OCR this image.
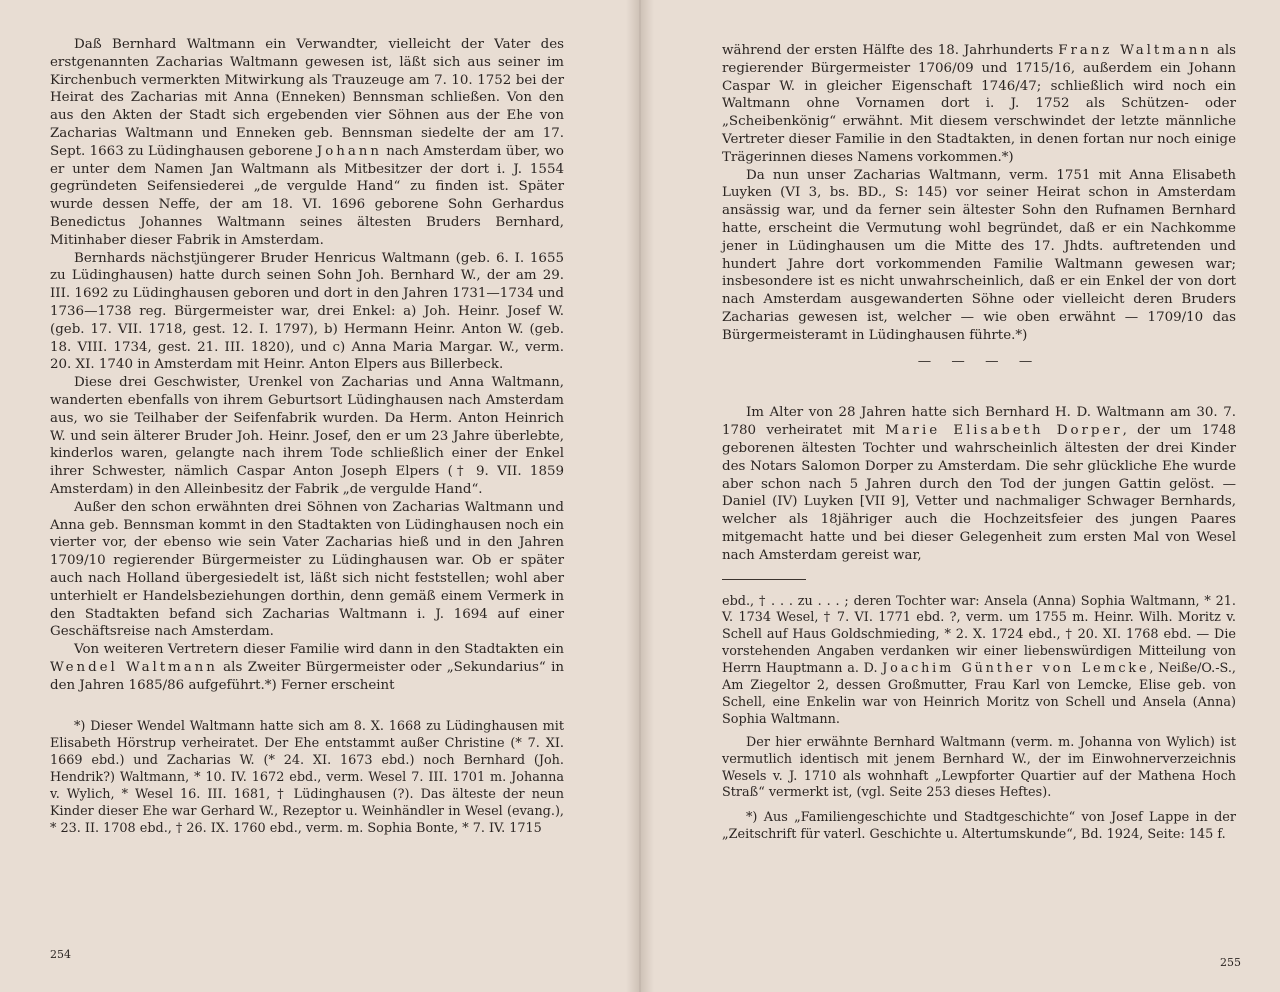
Daß Bernhard Waltmann ein Verwandter, vielleicht der Vater des erstgenannten Zacharias Waltmann gewesen ist, läßt sich aus seiner im Kirchenbuch vermerkten Mitwirkung als Trauzeuge am 7. 10. 1752 bei der Heirat des Zacharias mit Anna (Enneken) Bennsman schließen. Von den aus den Akten der Stadt sich ergebenden vier Söhnen aus der Ehe von Zacharias Waltmann und Enneken geb. Bennsman siedelte der am 17. Sept. 1663 zu Lüdinghausen geborene Johann nach Amsterdam über, wo er unter dem Namen Jan Waltmann als Mitbesitzer der dort i. J. 1554 gegründeten Seifensiederei „de vergulde Hand“ zu finden ist. Später wurde dessen Neffe, der am 18. VI. 1696 geborene Sohn Gerhardus Benedictus Johannes Waltmann seines ältesten Bruders Bernhard, Mitinhaber dieser Fabrik in Amsterdam.

Bernhards nächstjüngerer Bruder Henricus Waltmann (geb. 6. I. 1655 zu Lüdinghausen) hatte durch seinen Sohn Joh. Bernhard W., der am 29. III. 1692 zu Lüdinghausen geboren und dort in den Jahren 1731—1734 und 1736—1738 reg. Bürgermeister war, drei Enkel: a) Joh. Heinr. Josef W. (geb. 17. VII. 1718, gest. 12. I. 1797), b) Hermann Heinr. Anton W. (geb. 18. VIII. 1734, gest. 21. III. 1820), und c) Anna Maria Margar. W., verm. 20. XI. 1740 in Amsterdam mit Heinr. Anton Elpers aus Billerbeck.

Diese drei Geschwister, Urenkel von Zacharias und Anna Waltmann, wanderten ebenfalls von ihrem Geburtsort Lüdinghausen nach Amsterdam aus, wo sie Teilhaber der Seifenfabrik wurden. Da Herm. Anton Heinrich W. und sein älterer Bruder Joh. Heinr. Josef, den er um 23 Jahre überlebte, kinderlos waren, gelangte nach ihrem Tode schließlich einer der Enkel ihrer Schwester, nämlich Caspar Anton Joseph Elpers († 9. VII. 1859 Amsterdam) in den Alleinbesitz der Fabrik „de vergulde Hand“.

Außer den schon erwähnten drei Söhnen von Zacharias Waltmann und Anna geb. Bennsman kommt in den Stadtakten von Lüdinghausen noch ein vierter vor, der ebenso wie sein Vater Zacharias hieß und in den Jahren 1709/10 regierender Bürgermeister zu Lüdinghausen war. Ob er später auch nach Holland übergesiedelt ist, läßt sich nicht feststellen; wohl aber unterhielt er Handelsbeziehungen dorthin, denn gemäß einem Vermerk in den Stadtakten befand sich Zacharias Waltmann i. J. 1694 auf einer Geschäftsreise nach Amsterdam.

Von weiteren Vertretern dieser Familie wird dann in den Stadtakten ein Wendel Waltmann als Zweiter Bürgermeister oder „Sekundarius“ in den Jahren 1685/86 aufgeführt.*) Ferner erscheint

*) Dieser Wendel Waltmann hatte sich am 8. X. 1668 zu Lüdinghausen mit Elisabeth Hörstrup verheiratet. Der Ehe entstammt außer Christine (* 7. XI. 1669 ebd.) und Zacharias W. (* 24. XI. 1673 ebd.) noch Bernhard (Joh. Hendrik?) Waltmann, * 10. IV. 1672 ebd., verm. Wesel 7. III. 1701 m. Johanna v. Wylich, * Wesel 16. III. 1681, † Lüdinghausen (?). Das älteste der neun Kinder dieser Ehe war Gerhard W., Rezeptor u. Weinhändler in Wesel (evang.), * 23. II. 1708 ebd., † 26. IX. 1760 ebd., verm. m. Sophia Bonte, * 7. IV. 1715

254

während der ersten Hälfte des 18. Jahrhunderts Franz Waltmann als regierender Bürgermeister 1706/09 und 1715/16, außerdem ein Johann Caspar W. in gleicher Eigenschaft 1746/47; schließlich wird noch ein Waltmann ohne Vornamen dort i. J. 1752 als Schützen- oder „Scheibenkönig“ erwähnt. Mit diesem verschwindet der letzte männliche Vertreter dieser Familie in den Stadtakten, in denen fortan nur noch einige Trägerinnen dieses Namens vorkommen.*)

Da nun unser Zacharias Waltmann, verm. 1751 mit Anna Elisabeth Luyken (VI 3, bs. BD., S: 145) vor seiner Heirat schon in Amsterdam ansässig war, und da ferner sein ältester Sohn den Rufnamen Bernhard hatte, erscheint die Vermutung wohl begründet, daß er ein Nachkomme jener in Lüdinghausen um die Mitte des 17. Jhdts. auftretenden und hundert Jahre dort vorkommenden Familie Waltmann gewesen war; insbesondere ist es nicht unwahrscheinlich, daß er ein Enkel der von dort nach Amsterdam ausgewanderten Söhne oder vielleicht deren Bruders Zacharias gewesen ist, welcher — wie oben erwähnt — 1709/10 das Bürgermeisteramt in Lüdinghausen führte.*)

— — — —

Im Alter von 28 Jahren hatte sich Bernhard H. D. Waltmann am 30. 7. 1780 verheiratet mit Marie Elisabeth Dorper, der um 1748 geborenen ältesten Tochter und wahrscheinlich ältesten der drei Kinder des Notars Salomon Dorper zu Amsterdam. Die sehr glückliche Ehe wurde aber schon nach 5 Jahren durch den Tod der jungen Gattin gelöst. — Daniel (IV) Luyken [VII 9], Vetter und nachmaliger Schwager Bernhards, welcher als 18jähriger auch die Hochzeitsfeier des jungen Paares mitgemacht hatte und bei dieser Gelegenheit zum ersten Mal von Wesel nach Amsterdam gereist war,

ebd., † . . . zu . . . ; deren Tochter war: Ansela (Anna) Sophia Waltmann, * 21. V. 1734 Wesel, † 7. VI. 1771 ebd. ?, verm. um 1755 m. Heinr. Wilh. Moritz v. Schell auf Haus Goldschmieding, * 2. X. 1724 ebd., † 20. XI. 1768 ebd. — Die vorstehenden Angaben verdanken wir einer liebenswürdigen Mitteilung von Herrn Hauptmann a. D. Joachim Günther von Lemcke, Neiße/O.-S., Am Ziegeltor 2, dessen Großmutter, Frau Karl von Lemcke, Elise geb. von Schell, eine Enkelin war von Heinrich Moritz von Schell und Ansela (Anna) Sophia Waltmann.

Der hier erwähnte Bernhard Waltmann (verm. m. Johanna von Wylich) ist vermutlich identisch mit jenem Bernhard W., der im Einwohnerverzeichnis Wesels v. J. 1710 als wohnhaft „Lewpforter Quartier auf der Mathena Hoch Straß“ vermerkt ist, (vgl. Seite 253 dieses Heftes).

*) Aus „Familiengeschichte und Stadtgeschichte“ von Josef Lappe in der „Zeitschrift für vaterl. Geschichte u. Altertumskunde“, Bd. 1924, Seite: 145 f.

255
